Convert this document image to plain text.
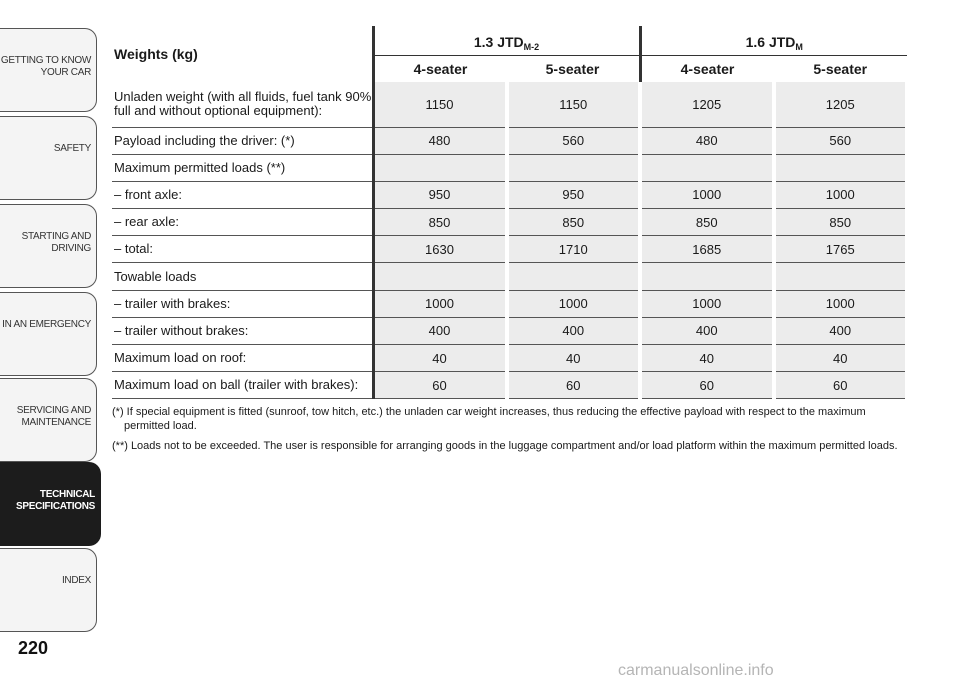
GETTING TO KNOW
YOUR CAR
SAFETY
STARTING AND
DRIVING
IN AN EMERGENCY
SERVICING AND
MAINTENANCE
TECHNICAL
SPECIFICATIONS
INDEX
220
Weights (kg)	1.3 $JTD_{M-2}$		1.6 $JTD_M$
	4-seater	5-seater	4-seater	5-seater
Unladen weight (with all fluids, fuel tank 90%
full and without optional equipment):	1150	1150	1205	1205
Payload including the driver: (*)	480	560	480	560
Maximum permitted loads (**)				
– front axle:	950	950	1000	1000
– rear axle:	850	850	850	850
– total:	1630	1710	1685	1765
Towable loads				
– trailer with brakes:	1000	1000	1000	1000
– trailer without brakes:	400	400	400	400
Maximum load on roof:	40	40	40	40
Maximum load on ball (trailer with brakes):	60	60	60	60

(*) If special equipment is fitted (sunroof, tow hitch, etc.) the unladen car weight increases, thus reducing the effective payload with respect to the maximum permitted load.

(**) Loads not to be exceeded. The user is responsible for arranging goods in the luggage compartment and/or load platform within the maximum permitted loads.

carmanualsonline.info
